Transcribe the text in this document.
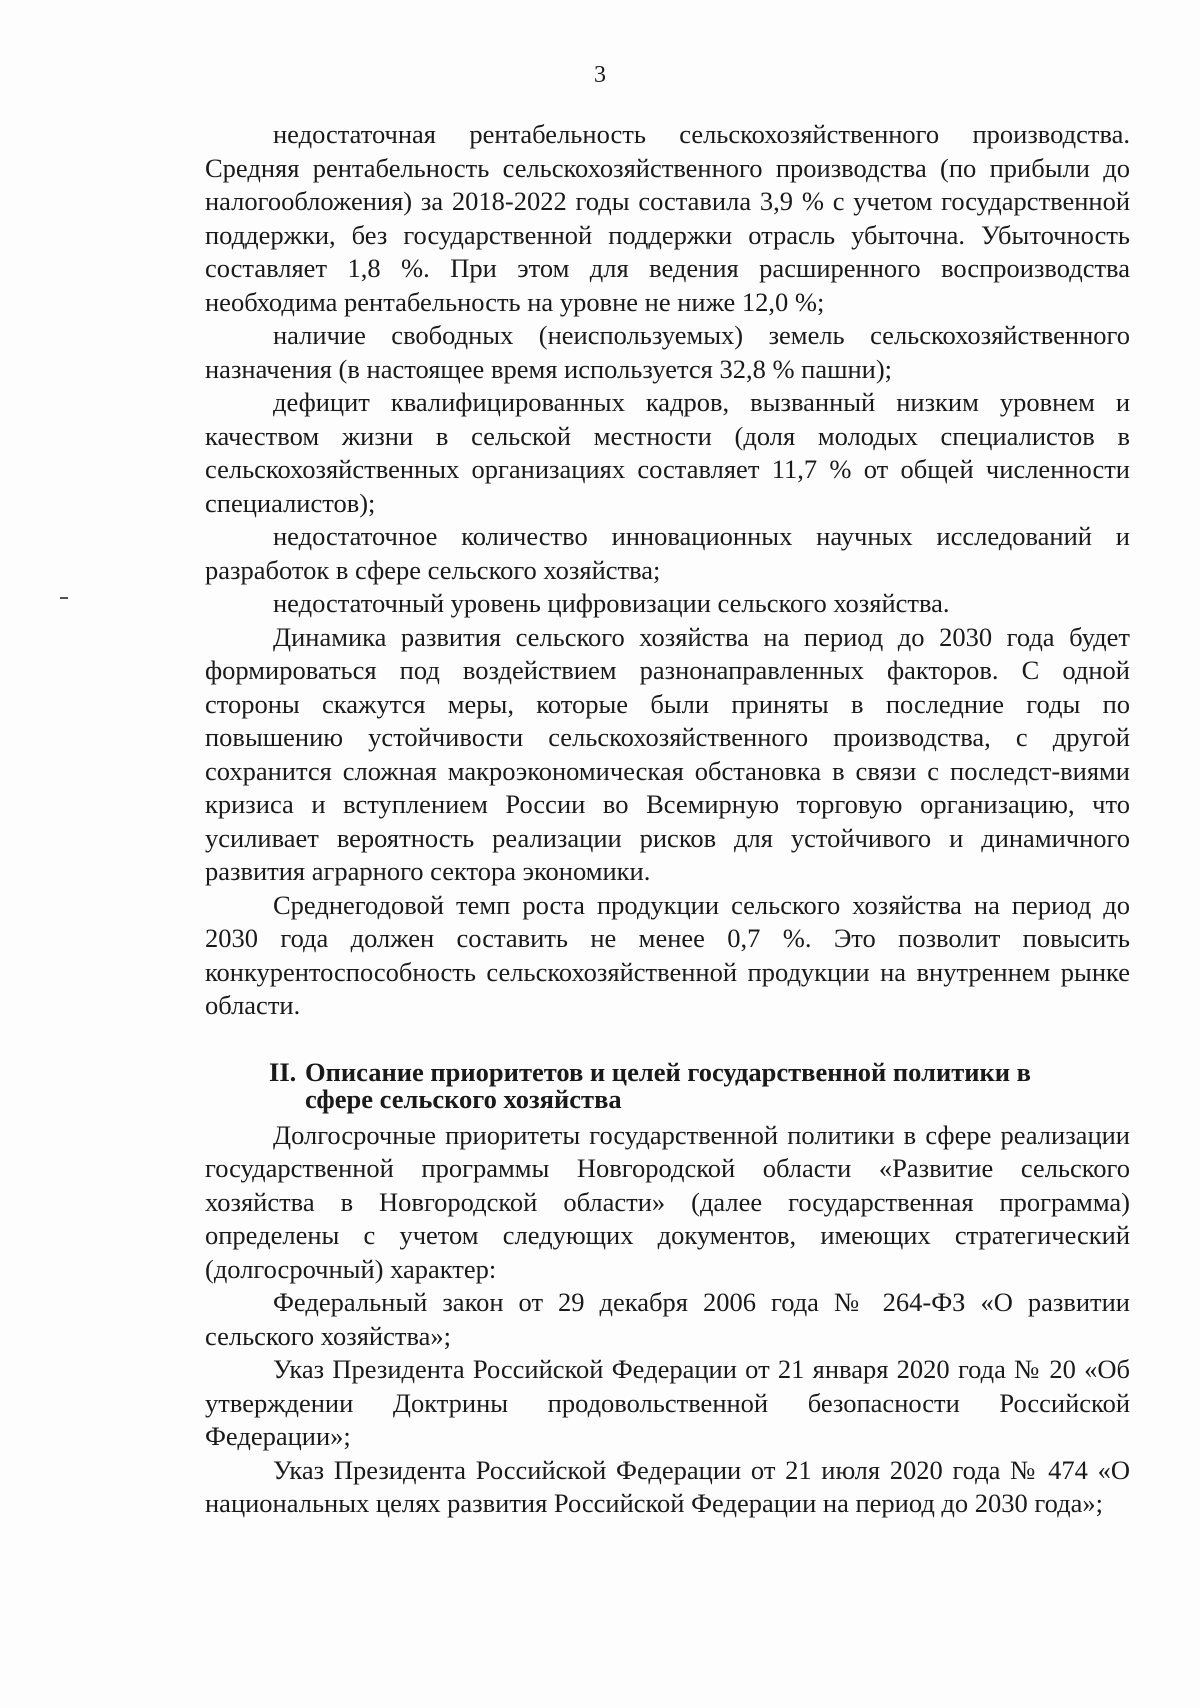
3

недостаточная рентабельность сельскохозяйственного производства. Средняя рентабельность сельскохозяйственного производства (по прибыли до налогообложения) за 2018-2022 годы составила 3,9 % с учетом государственной поддержки, без государственной поддержки отрасль убыточна. Убыточность составляет 1,8 %. При этом для ведения расширенного воспроизводства необходима рентабельность на уровне не ниже 12,0 %;

наличие свободных (неиспользуемых) земель сельскохозяйственного назначения (в настоящее время используется 32,8 % пашни);

дефицит квалифицированных кадров, вызванный низким уровнем и качеством жизни в сельской местности (доля молодых специалистов в сельскохозяйственных организациях составляет 11,7 % от общей численности специалистов);

недостаточное количество инновационных научных исследований и разработок в сфере сельского хозяйства;

недостаточный уровень цифровизации сельского хозяйства.

Динамика развития сельского хозяйства на период до 2030 года будет формироваться под воздействием разнонаправленных факторов. С одной стороны скажутся меры, которые были приняты в последние годы по повышению устойчивости сельскохозяйственного производства, с другой сохранится сложная макроэкономическая обстановка в связи с последст-виями кризиса и вступлением России во Всемирную торговую организацию, что усиливает вероятность реализации рисков для устойчивого и динамичного развития аграрного сектора экономики.

Среднегодовой темп роста продукции сельского хозяйства на период до 2030 года должен составить не менее 0,7 %. Это позволит повысить конкурентоспособность сельскохозяйственной продукции на внутреннем рынке области.

II. Описание приоритетов и целей государственной политики в
сфере сельского хозяйства

Долгосрочные приоритеты государственной политики в сфере реализации государственной программы Новгородской области «Развитие сельского хозяйства в Новгородской области» (далее государственная программа) определены с учетом следующих документов, имеющих стратегический (долгосрочный) характер:

Федеральный закон от 29 декабря 2006 года № 264-ФЗ «О развитии сельского хозяйства»;

Указ Президента Российской Федерации от 21 января 2020 года № 20 «Об утверждении Доктрины продовольственной безопасности Российской Федерации»;

Указ Президента Российской Федерации от 21 июля 2020 года № 474 «О национальных целях развития Российской Федерации на период до 2030 года»;
